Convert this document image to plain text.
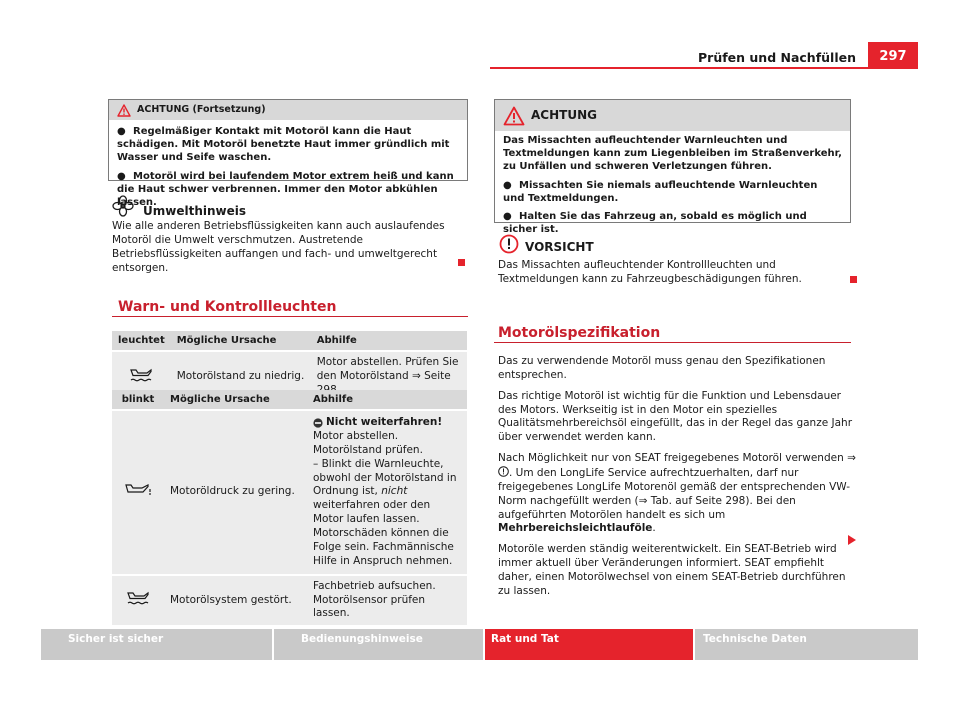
Prüfen und Nachfüllen	297
ACHTUNG (Fortsetzung)

● Regelmäßiger Kontakt mit Motoröl kann die Haut schädigen. Mit Motoröl benetzte Haut immer gründlich mit Wasser und Seife waschen.

● Motoröl wird bei laufendem Motor extrem heiß und kann die Haut schwer verbrennen. Immer den Motor abkühlen lassen.

Umwelthinweis
Wie alle anderen Betriebsflüssigkeiten kann auch auslaufendes Motoröl die Umwelt verschmutzen. Austretende Betriebsflüssigkeiten auffangen und fach- und umweltgerecht entsorgen.
Warn- und Kontrollleuchten
leuchtet	Mögliche Ursache	Abhilfe
	Motorölstand zu niedrig.	Motor abstellen. Prüfen Sie den Motorölstand ⇒ Seite
blinkt	Mögliche Ursache	Abhilfe
	Motoröldruck zu gering.	Nicht weiterfahren!
Motor abstellen. Motorölstand prüfen.
– Blinkt die Warnleuchte, obwohl der Motorölstand in Ordnung ist, nicht weiterfahren oder den Motor laufen lassen. Motorschäden können die Folge sein. Fachmännische Hilfe in Anspruch nehmen.

	Motorölsystem gestört.	Fachbetrieb aufsuchen. Motorölsensor prüfen lassen.
ACHTUNG

Das Missachten aufleuchtender Warnleuchten und Textmeldungen kann zum Liegenbleiben im Straßenverkehr, zu Unfällen und schweren Verletzungen führen.

● Missachten Sie niemals aufleuchtende Warnleuchten und Textmeldungen.

● Halten Sie das Fahrzeug an, sobald es möglich und sicher ist.

VORSICHT
Das Missachten aufleuchtender Kontrollleuchten und Textmeldungen kann zu Fahrzeugbeschädigungen führen.
Motorölspezifikation

Das zu verwendende Motoröl muss genau den Spezifikationen entsprechen.

Das richtige Motoröl ist wichtig für die Funktion und Lebensdauer des Motors. Werkseitig ist in den Motor ein spezielles Qualitätsmehrbereichsöl eingefüllt, das in der Regel das ganze Jahr über verwendet werden kann.

Nach Möglichkeit nur von SEAT freigegebenes Motoröl verwenden ⇒ . Um den LongLife Service aufrechtzuerhalten, darf nur freigegebenes LongLife Motorenöl gemäß der entsprechenden VW-Norm nachgefüllt werden (⇒ Tab. auf Seite 298). Bei den aufgeführten Motorölen handelt es sich um Mehrbereichsleichtlauföle.

Motoröle werden ständig weiterentwickelt. Ein SEAT-Betrieb wird immer aktuell über Veränderungen informiert. SEAT empfiehlt daher, einen Motorölwechsel von einem SEAT-Betrieb durchführen zu lassen.

Sicher ist sicher	Bedienungshinweise	Rat und Tat	Technische Daten
